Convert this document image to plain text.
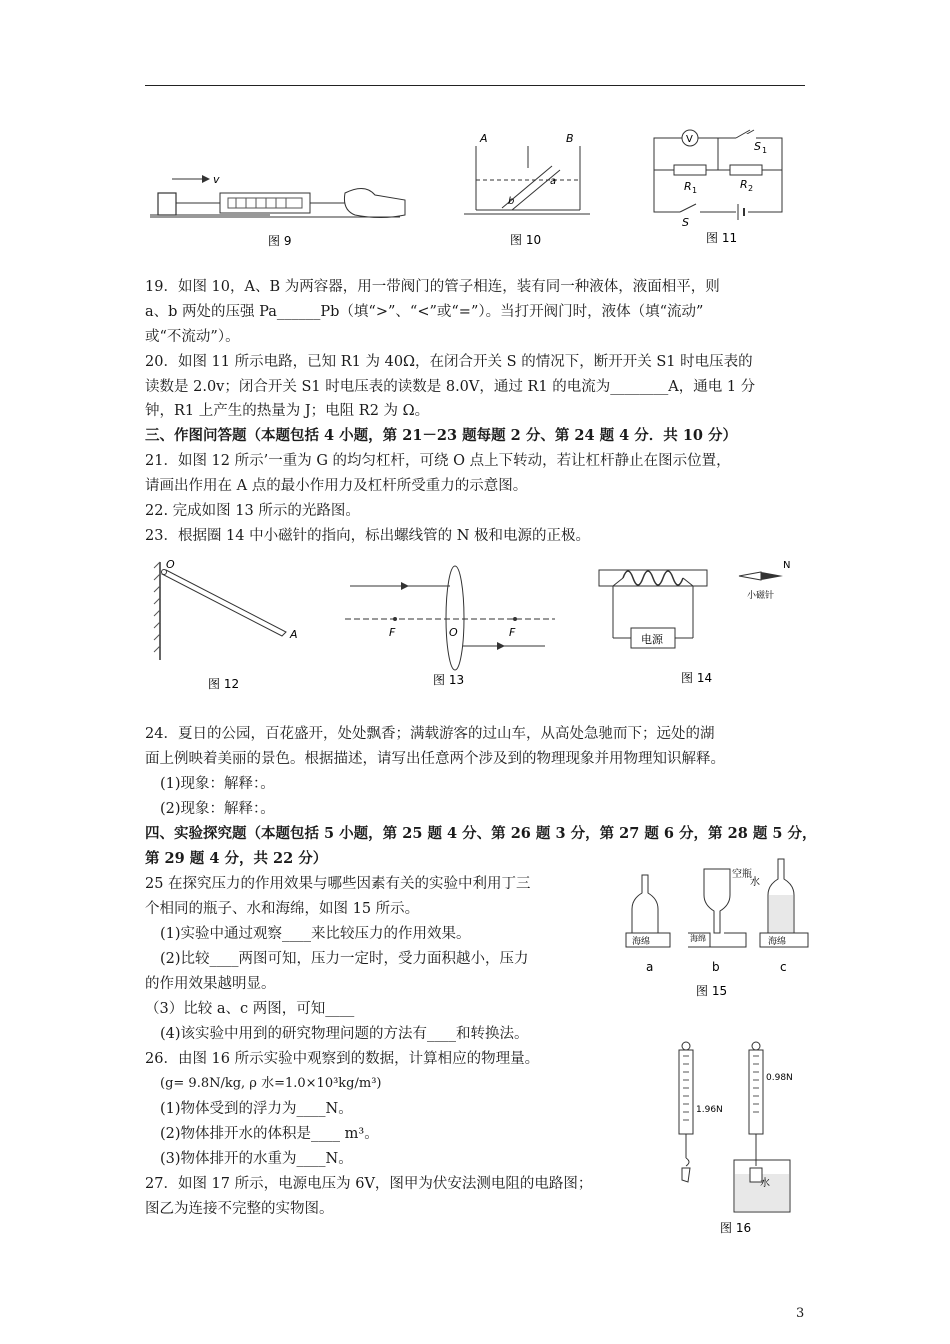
v
图 9
A	B
a
b
图 10
V
S 1
R 1	R 2
S
图 11
19．如图 10，A、B 为两容器，用一带阀门的管子相连，装有同一种液体，液面相平，则
a、b 两处的压强 Pa______Pb（填“>”、“<”或“=”）。当打开阀门时，液体（填“流动”
或“不流动”）。
20．如图 11 所示电路，已知 R1 为 40Ω，在闭合开关 S 的情况下，断开开关 S1 时电压表的
读数是 2.0v；闭合开关 S1 时电压表的读数是 8.0V，通过 R1 的电流为________A，通电 1 分
钟，R1 上产生的热量为 J；电阻 R2 为 Ω。
三、作图问答题（本题包括 4 小题，第 21－23 题每题 2 分、第 24 题 4 分．共 10 分）
21．如图 12 所示’一重为 G 的均匀杠杆，可绕 O 点上下转动，若让杠杆静止在图示位置，
请画出作用在 A 点的最小作用力及杠杆所受重力的示意图。
22. 完成如图 13 所示的光路图。
23．根据圈 14 中小磁针的指向，标出螺线管的 N 极和电源的正极。
O
A
图 12
F	O	F
图 13
电源
N
小磁针
图 14
24．夏日的公园，百花盛开，处处飘香；满载游客的过山车，从高处急驰而下；远处的湖
面上例映着美丽的景色。根据描述，请写出任意两个涉及到的物理现象并用物理知识解释。
(1)现象：解释：。
(2)现象：解释：。
四、实验探究题（本题包括 5 小题，第 25 题 4 分、第 26 题 3 分，第 27 题 6 分，第 28 题 5 分，
第 29 题 4 分，共 22 分）
25 在探究压力的作用效果与哪些因素有关的实验中利用丁三
个相同的瓶子、水和海绵，如图 15 所示。
(1)实验中通过观察____来比较压力的作用效果。
(2)比较____两图可知，压力一定时，受力面积越小，压力
的作用效果越明显。
（3）比较 a、c 两图，可知____
(4)该实验中用到的研究物理问题的方法有____和转换法。
海绵
a
海绵
空瓶
b
水
海绵
c
图 15
26．由图 16 所示实验中观察到的数据，计算相应的物理量。
(g= 9.8N/kg, ρ 水=1.0×10³kg/m³)
(1)物体受到的浮力为____N。
(2)物体排开水的体积是____ m³。
(3)物体排开的水重为____N。
27．如图 17 所示，电源电压为 6V，图甲为伏安法测电阻的电路图；
图乙为连接不完整的实物图。
1.96N
0.98N
水
图 16
3
